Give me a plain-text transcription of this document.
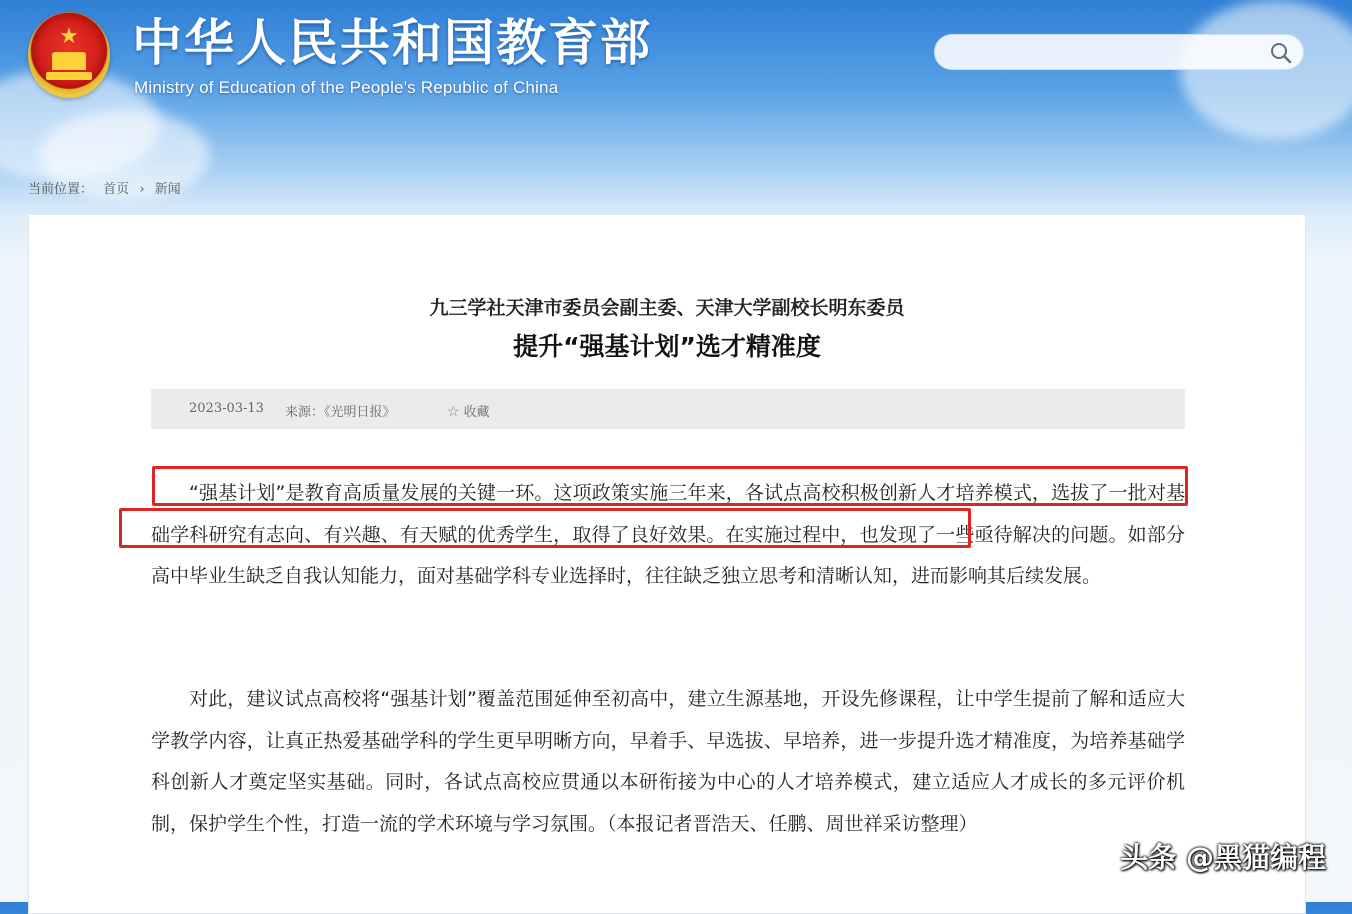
★	中华人民共和国教育部
Ministry of Education of the People's Republic of China
当前位置： 首页 › 新闻
九三学社天津市委员会副主委、天津大学副校长明东委员
提升“强基计划”选才精准度
2023-03-13 来源：《光明日报》	☆ 收藏

“强基计划”是教育高质量发展的关键一环。这项政策实施三年来，各试点高校积极创新人才培养模式，选拔了一批对基础学科研究有志向、有兴趣、有天赋的优秀学生，取得了良好效果。在实施过程中，也发现了一些亟待解决的问题。如部分高中毕业生缺乏自我认知能力，面对基础学科专业选择时，往往缺乏独立思考和清晰认知，进而影响其后续发展。

对此，建议试点高校将“强基计划”覆盖范围延伸至初高中，建立生源基地，开设先修课程，让中学生提前了解和适应大学教学内容，让真正热爱基础学科的学生更早明晰方向，早着手、早选拔、早培养，进一步提升选才精准度，为培养基础学科创新人才奠定坚实基础。同时，各试点高校应贯通以本研衔接为中心的人才培养模式，建立适应人才成长的多元评价机制，保护学生个性，打造一流的学术环境与学习氛围。（本报记者晋浩天、任鹏、周世祥采访整理）

头条 @黑猫编程
